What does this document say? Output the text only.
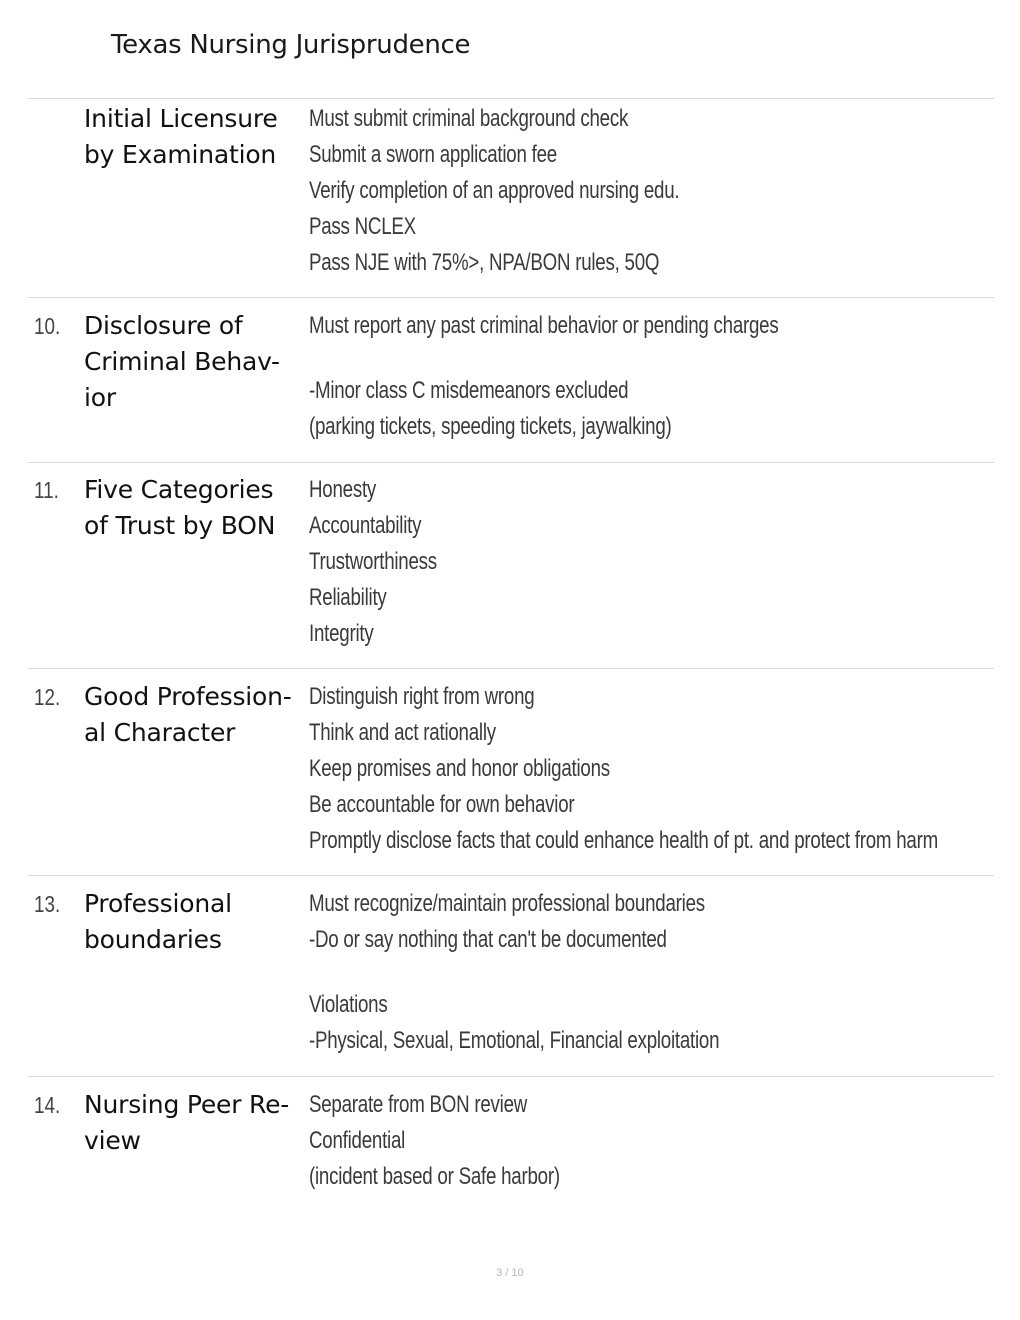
Texas Nursing Jurisprudence
Initial Licensure
by Examination
Must submit criminal background check
Submit a sworn application fee
Verify completion of an approved nursing edu.
Pass NCLEX
Pass NJE with 75%>, NPA/BON rules, 50Q
10. Disclosure of
Criminal Behav-
ior
Must report any past criminal behavior or pending charges
-Minor class C misdemeanors excluded
(parking tickets, speeding tickets, jaywalking)
11. Five Categories
of Trust by BON
Honesty
Accountability
Trustworthiness
Reliability
Integrity
12. Good Profession-
al Character
Distinguish right from wrong
Think and act rationally
Keep promises and honor obligations
Be accountable for own behavior
Promptly disclose facts that could enhance health of pt. and protect from harm
13. Professional
boundaries
Must recognize/maintain professional boundaries
-Do or say nothing that can't be documented
Violations
-Physical, Sexual, Emotional, Financial exploitation
14. Nursing Peer Re-
view
Separate from BON review
Confidential
(incident based or Safe harbor)
3 / 10
